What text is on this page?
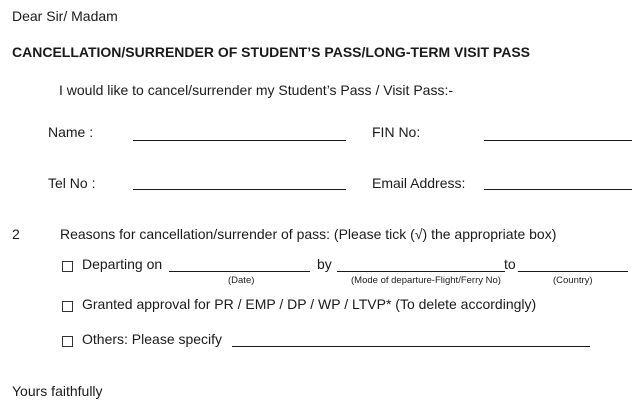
Dear Sir/ Madam
CANCELLATION/SURRENDER OF STUDENT’S PASS/LONG-TERM VISIT PASS
I would like to cancel/surrender my Student’s Pass / Visit Pass:-
Name :	FIN No:
Tel No :	Email Address:
2	Reasons for cancellation/surrender of pass: (Please tick (√) the appropriate box)
Departing on
(Date)
by
(Mode of departure-Flight/Ferry No)
to
(Country)
Granted approval for PR / EMP / DP / WP / LTVP* (To delete accordingly)
Others: Please specify
Yours faithfully
